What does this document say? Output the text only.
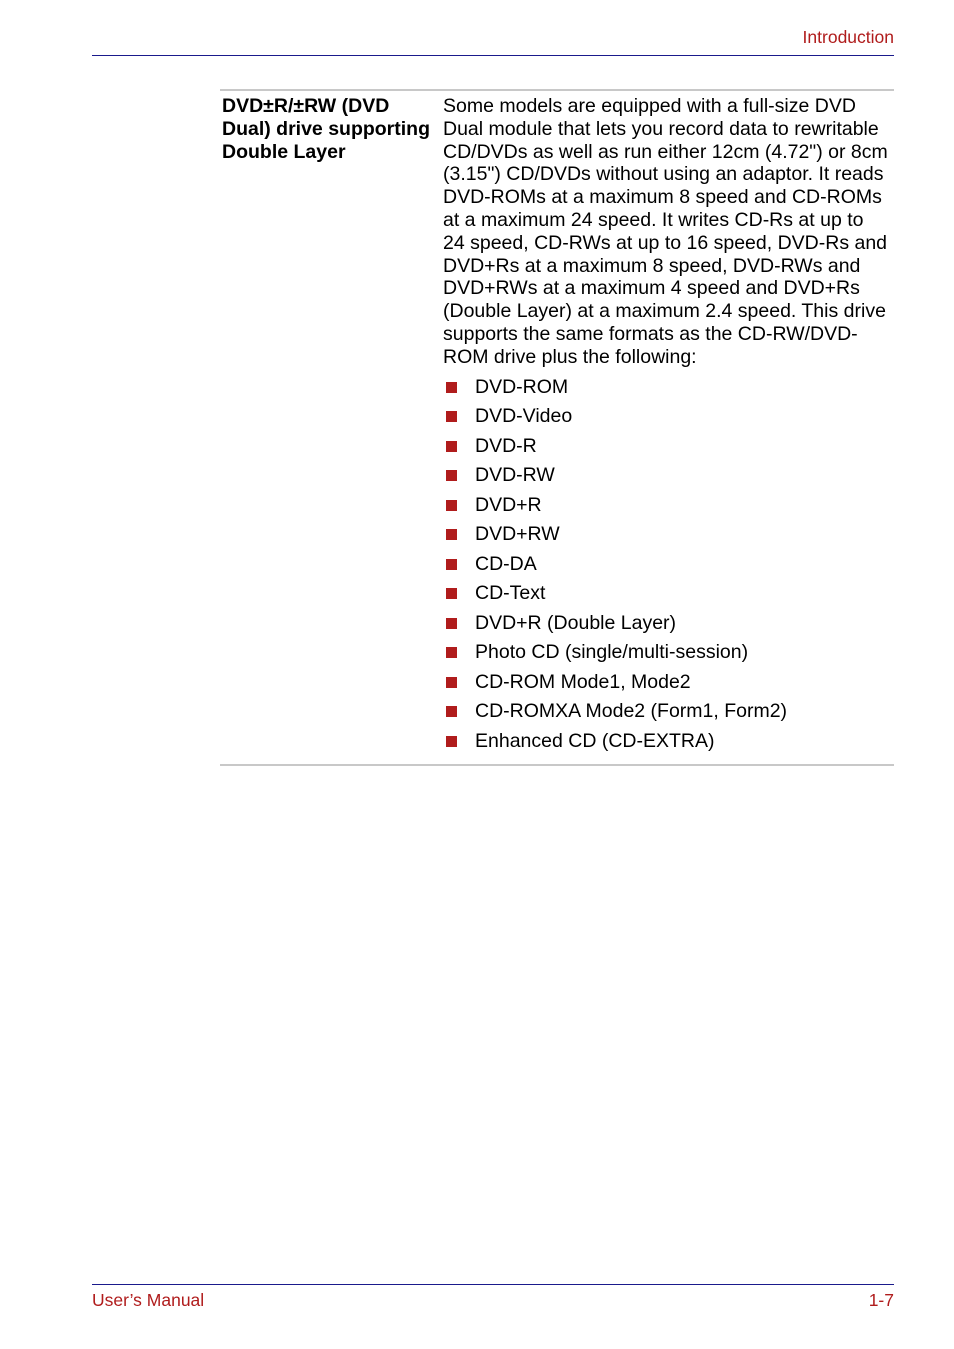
Introduction
DVD±R/±RW (DVD Dual) drive supporting Double Layer

Some models are equipped with a full-size DVD Dual module that lets you record data to rewritable CD/DVDs as well as run either 12cm (4.72") or 8cm (3.15") CD/DVDs without using an adaptor. It reads DVD-ROMs at a maximum 8 speed and CD-ROMs at a maximum 24 speed. It writes CD-Rs at up to 24 speed, CD-RWs at up to 16 speed, DVD-Rs and DVD+Rs at a maximum 8 speed, DVD-RWs and DVD+RWs at a maximum 4 speed and DVD+Rs (Double Layer) at a maximum 2.4 speed. This drive supports the same formats as the CD-RW/DVD-ROM drive plus the following:

DVD-ROM
DVD-Video
DVD-R
DVD-RW
DVD+R
DVD+RW
CD-DA
CD-Text
DVD+R (Double Layer)
Photo CD (single/multi-session)
CD-ROM Mode1, Mode2
CD-ROMXA Mode2 (Form1, Form2)
Enhanced CD (CD-EXTRA)
User’s Manual	1-7
